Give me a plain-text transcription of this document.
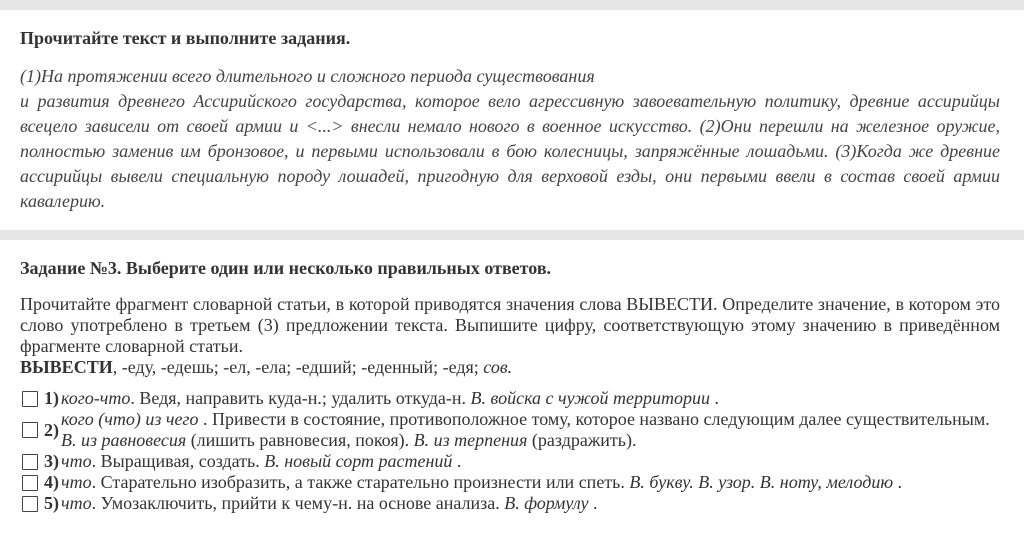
Прочитайте текст и выполните задания.

(1)На протяжении всего длительного и сложного периода существования
и развития древнего Ассирийского государства, которое вело агрессивную завоевательную политику, древние ассирийцы всецело зависели от своей армии и <...> внесли немало нового в военное искусство. (2)Они перешли на железное оружие, полностью заменив им бронзовое, и первыми использовали в бою колесницы, запряжённые лошадьми. (3)Когда же древние ассирийцы вывели специальную породу лошадей, пригодную для верховой езды, они первыми ввели в состав своей армии кавалерию.

Задание №3. Выберите один или несколько правильных ответов.

Прочитайте фрагмент словарной статьи, в которой приводятся значения слова ВЫВЕСТИ. Определите значение, в котором это слово употреблено в третьем (3) предложении текста. Выпишите цифру, соответствующую этому значению в приведённом фрагменте словарной статьи.

ВЫВЕСТИ, -еду, -едешь; -ел, -ела; -едший; -еденный; -едя; сов.

1) кого-что. Ведя, направить куда-н.; удалить откуда-н. В. войска с чужой территории .
2)
кого (что) из чего . Привести в состояние, противоположное тому, которое названо следующим далее существительным. В. из равновесия (лишить равновесия, покоя). В. из терпения (раздражить).
3) что. Выращивая, создать. В. новый сорт растений .
4) что. Старательно изобразить, а также старательно произнести или спеть. В. букву. В. узор. В. ноту, мелодию .
5) что. Умозаключить, прийти к чему-н. на основе анализа. В. формулу .
